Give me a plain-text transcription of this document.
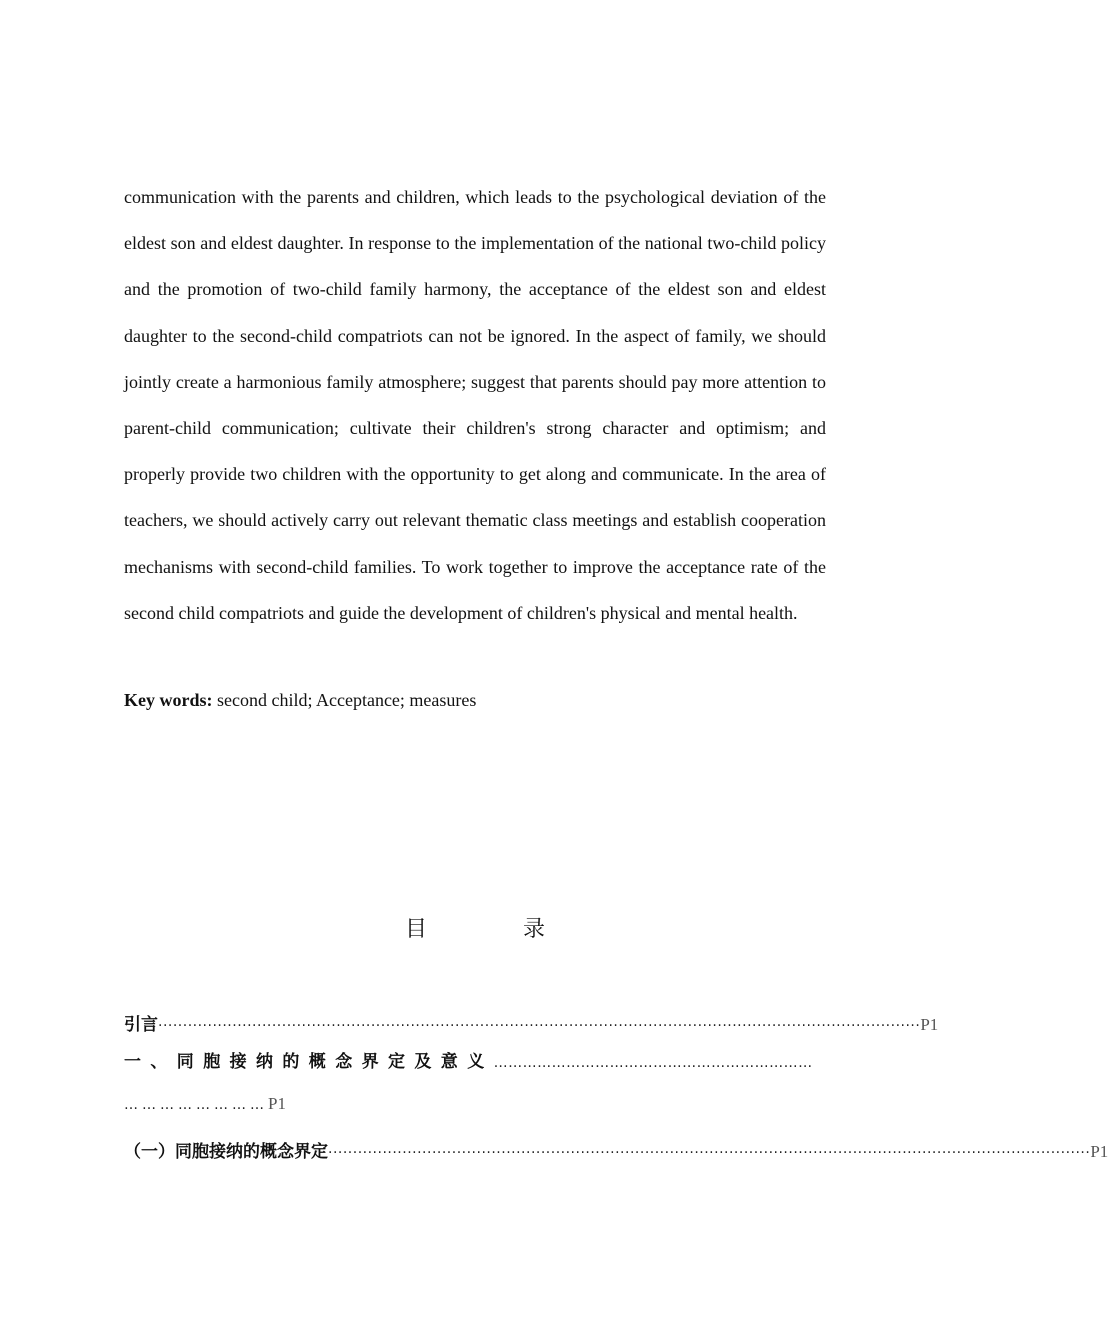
communication with the parents and children, which leads to the psychological deviation of the eldest son and eldest daughter. In response to the implementation of the national two-child policy and the promotion of two-child family harmony, the acceptance of the eldest son and eldest daughter to the second-child compatriots can not be ignored. In the aspect of family, we should jointly create a harmonious family atmosphere; suggest that parents should pay more attention to parent-child communication; cultivate their children's strong character and optimism; and properly provide two children with the opportunity to get along and communicate. In the area of teachers, we should actively carry out relevant thematic class meetings and establish cooperation mechanisms with second-child families. To work together to improve the acceptance rate of the second child compatriots and guide the development of children's physical and mental health.

Key words: second child; Acceptance; measures

目	录
引言 ·························································································································································· P1
一、同胞接纳的概念界定及意义 …………………………………………………………
…………………… P1
（一）同胞接纳的概念界定 ·························································································································································· P1
